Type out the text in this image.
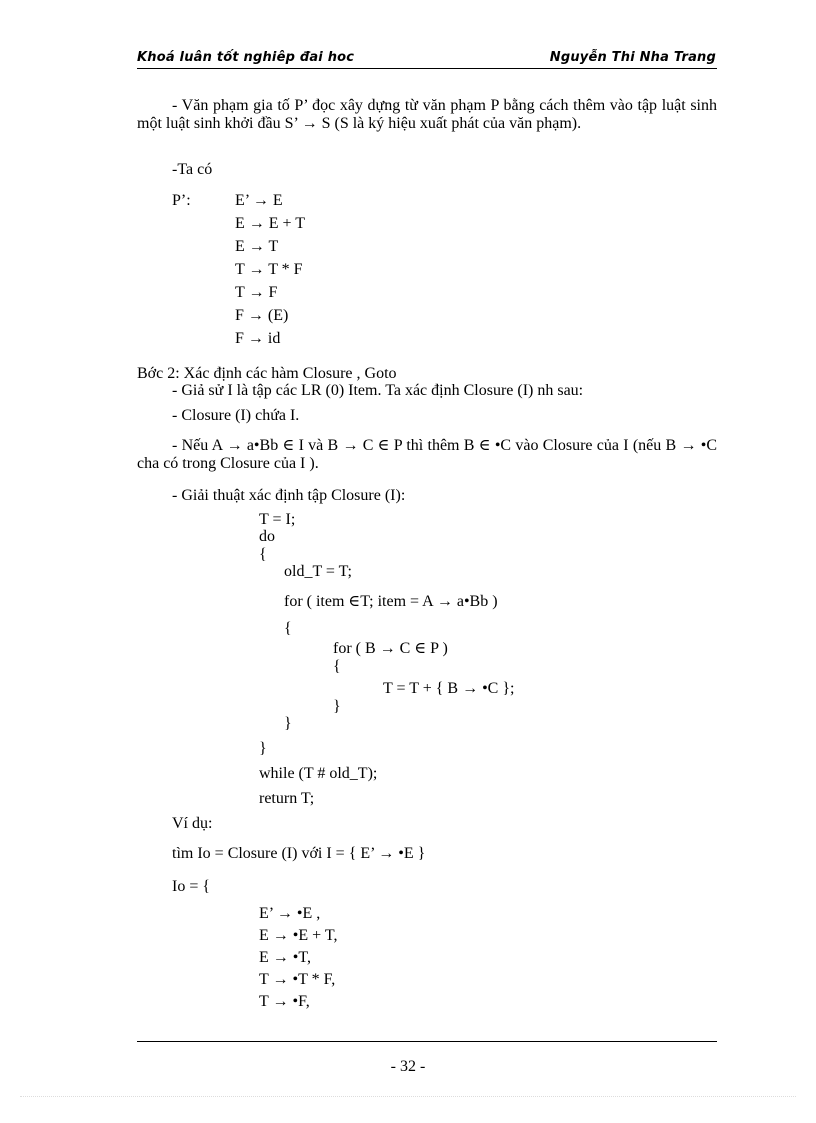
Khoá luân tốt nghiêp đai hoc	Nguyễn Thi Nha Trang
- Văn phạm gia tố P’ đọc xây dựng từ văn phạm P bằng cách thêm vào tập luật sinh một luật sinh khởi đầu S’ → S (S là ký hiệu xuất phát của văn phạm).
-Ta có
P’:	E’ → E
E → E + T
E → T
T → T * F
T → F
F → (E)
F → id
Bớc 2: Xác định các hàm Closure , Goto
- Giả sử I là tập các LR (0) Item. Ta xác định Closure (I) nh sau:
- Closure (I) chứa I.
- Nếu A → a•Bb ∈ I và B → C ∈ P thì thêm B ∈ •C vào Closure của I (nếu B → •C cha có trong Closure của I ).
- Giải thuật xác định tập Closure (I):
T = I;
do
{
old_T = T;
for ( item ∈T; item = A → a•Bb )
{
for ( B → C ∈ P )
{
T = T + { B → •C };
}
}
}
while (T # old_T);
return T;
Ví dụ:
tìm Io = Closure (I) với I = { E’ → •E }
Io = {
E’ → •E ,
E → •E + T,
E → •T,
T → •T * F,
T → •F,
- 32 -
